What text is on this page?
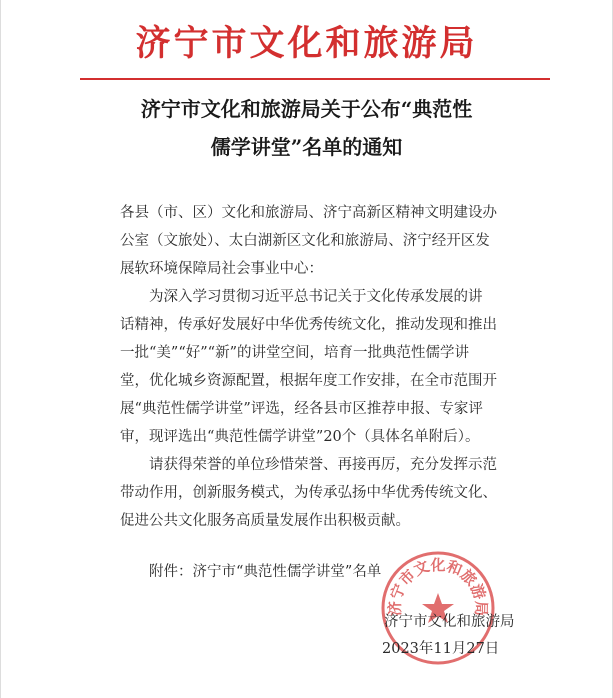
济宁市文化和旅游局
济宁市文化和旅游局关于公布“典范性
儒学讲堂”名单的通知
各县（市、区）文化和旅游局、济宁高新区精神文明建设办
公室（文旅处）、太白湖新区文化和旅游局、济宁经开区发
展软环境保障局社会事业中心：
为深入学习贯彻习近平总书记关于文化传承发展的讲
话精神，传承好发展好中华优秀传统文化，推动发现和推出
一批“美”“好”“新”的讲堂空间，培育一批典范性儒学讲
堂，优化城乡资源配置，根据年度工作安排，在全市范围开
展“典范性儒学讲堂”评选，经各县市区推荐申报、专家评
审，现评选出“典范性儒学讲堂”20个（具体名单附后）。
请获得荣誉的单位珍惜荣誉、再接再厉，充分发挥示范
带动作用，创新服务模式，为传承弘扬中华优秀传统文化、
促进公共文化服务高质量发展作出积极贡献。
附件：济宁市“典范性儒学讲堂”名单
济宁市文化和旅游局
济宁市文化和旅游局
2023年11月27日
